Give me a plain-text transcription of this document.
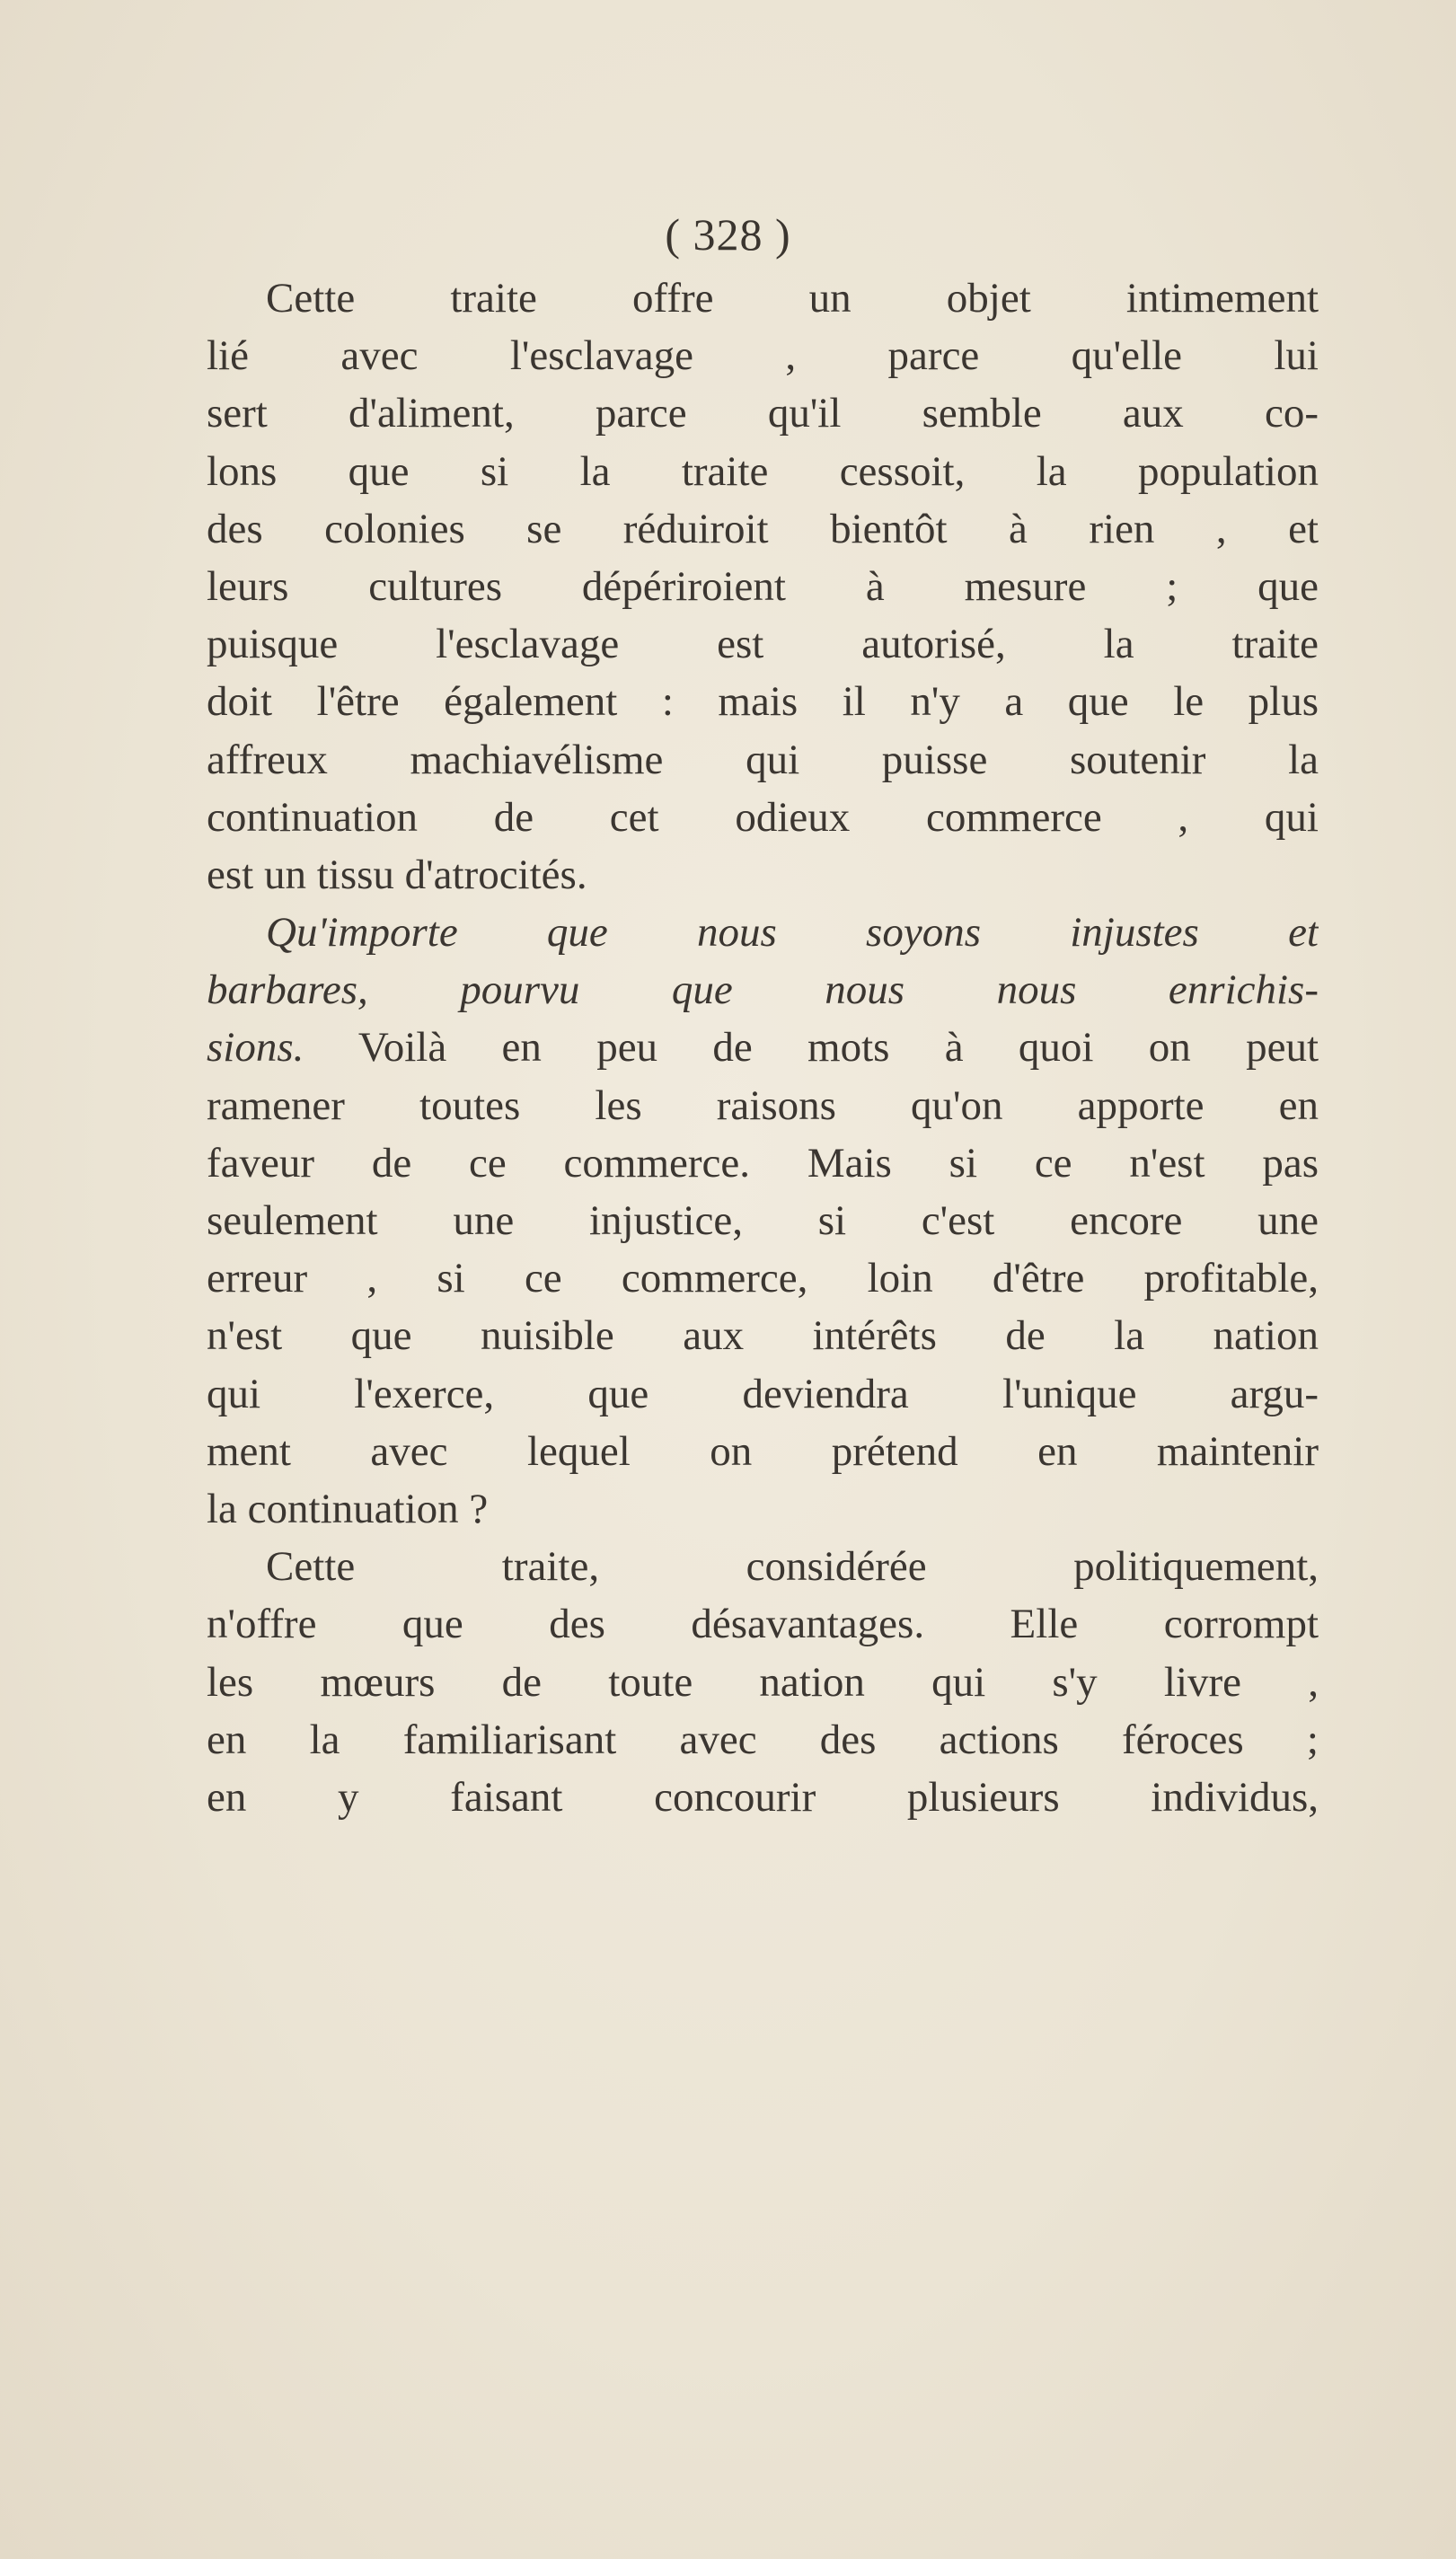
( 328 )
Cette traite offre un objet intimement
lié avec l'esclavage , parce qu'elle lui
sert d'aliment, parce qu'il semble aux co-
lons que si la traite cessoit, la population
des colonies se réduiroit bientôt à rien , et
leurs cultures dépériroient à mesure ; que
puisque l'esclavage est autorisé, la traite
doit l'être également : mais il n'y a que le plus
affreux machiavélisme qui puisse soutenir la
continuation de cet odieux commerce , qui
est un tissu d'atrocités.
Qu'importe que nous soyons injustes et
barbares, pourvu que nous nous enrichis-
sions. Voilà en peu de mots à quoi on peut
ramener toutes les raisons qu'on apporte en
faveur de ce commerce. Mais si ce n'est pas
seulement une injustice, si c'est encore une
erreur , si ce commerce, loin d'être profitable,
n'est que nuisible aux intérêts de la nation
qui l'exerce, que deviendra l'unique argu-
ment avec lequel on prétend en maintenir
la continuation ?
Cette traite, considérée politiquement,
n'offre que des désavantages. Elle corrompt
les mœurs de toute nation qui s'y livre ,
en la familiarisant avec des actions féroces ;
en y faisant concourir plusieurs individus,
